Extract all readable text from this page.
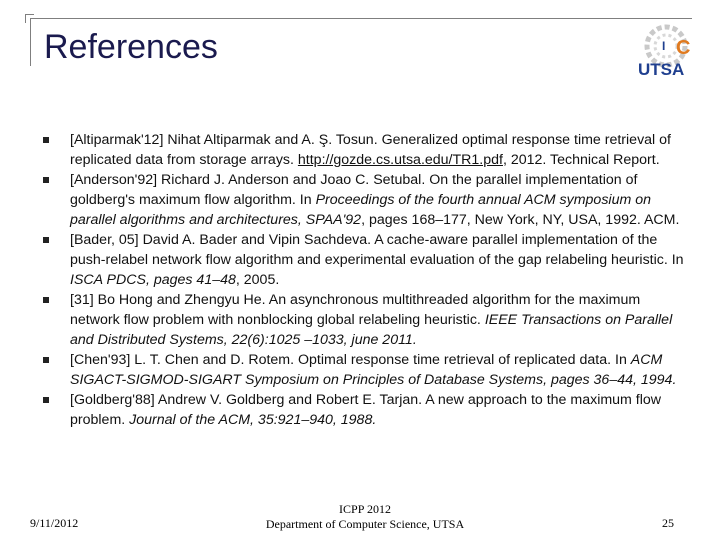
References	C
I
UTSA
[Altiparmak'12] Nihat Altiparmak and A. Ş. Tosun. Generalized optimal response time retrieval of replicated data from storage arrays. http://gozde.cs.utsa.edu/TR1.pdf, 2012. Technical Report.
[Anderson'92] Richard J. Anderson and Joao C. Setubal. On the parallel implementation of goldberg's maximum flow algorithm. In Proceedings of the fourth annual ACM symposium on parallel algorithms and architectures, SPAA'92, pages 168–177, New York, NY, USA, 1992. ACM.
[Bader, 05] David A. Bader and Vipin Sachdeva. A cache-aware parallel implementation of the push-relabel network flow algorithm and experimental evaluation of the gap relabeling heuristic. In ISCA PDCS, pages 41–48, 2005.
[31] Bo Hong and Zhengyu He. An asynchronous multithreaded algorithm for the maximum network flow problem with nonblocking global relabeling heuristic. IEEE Transactions on Parallel and Distributed Systems, 22(6):1025 –1033, june 2011.
[Chen'93] L. T. Chen and D. Rotem. Optimal response time retrieval of replicated data. In ACM SIGACT-SIGMOD-SIGART Symposium on Principles of Database Systems, pages 36–44, 1994.
[Goldberg'88] Andrew V. Goldberg and Robert E. Tarjan. A new approach to the maximum flow problem. Journal of the ACM, 35:921–940, 1988.
9/11/2012
ICPP 2012
Department of Computer Science, UTSA	25
